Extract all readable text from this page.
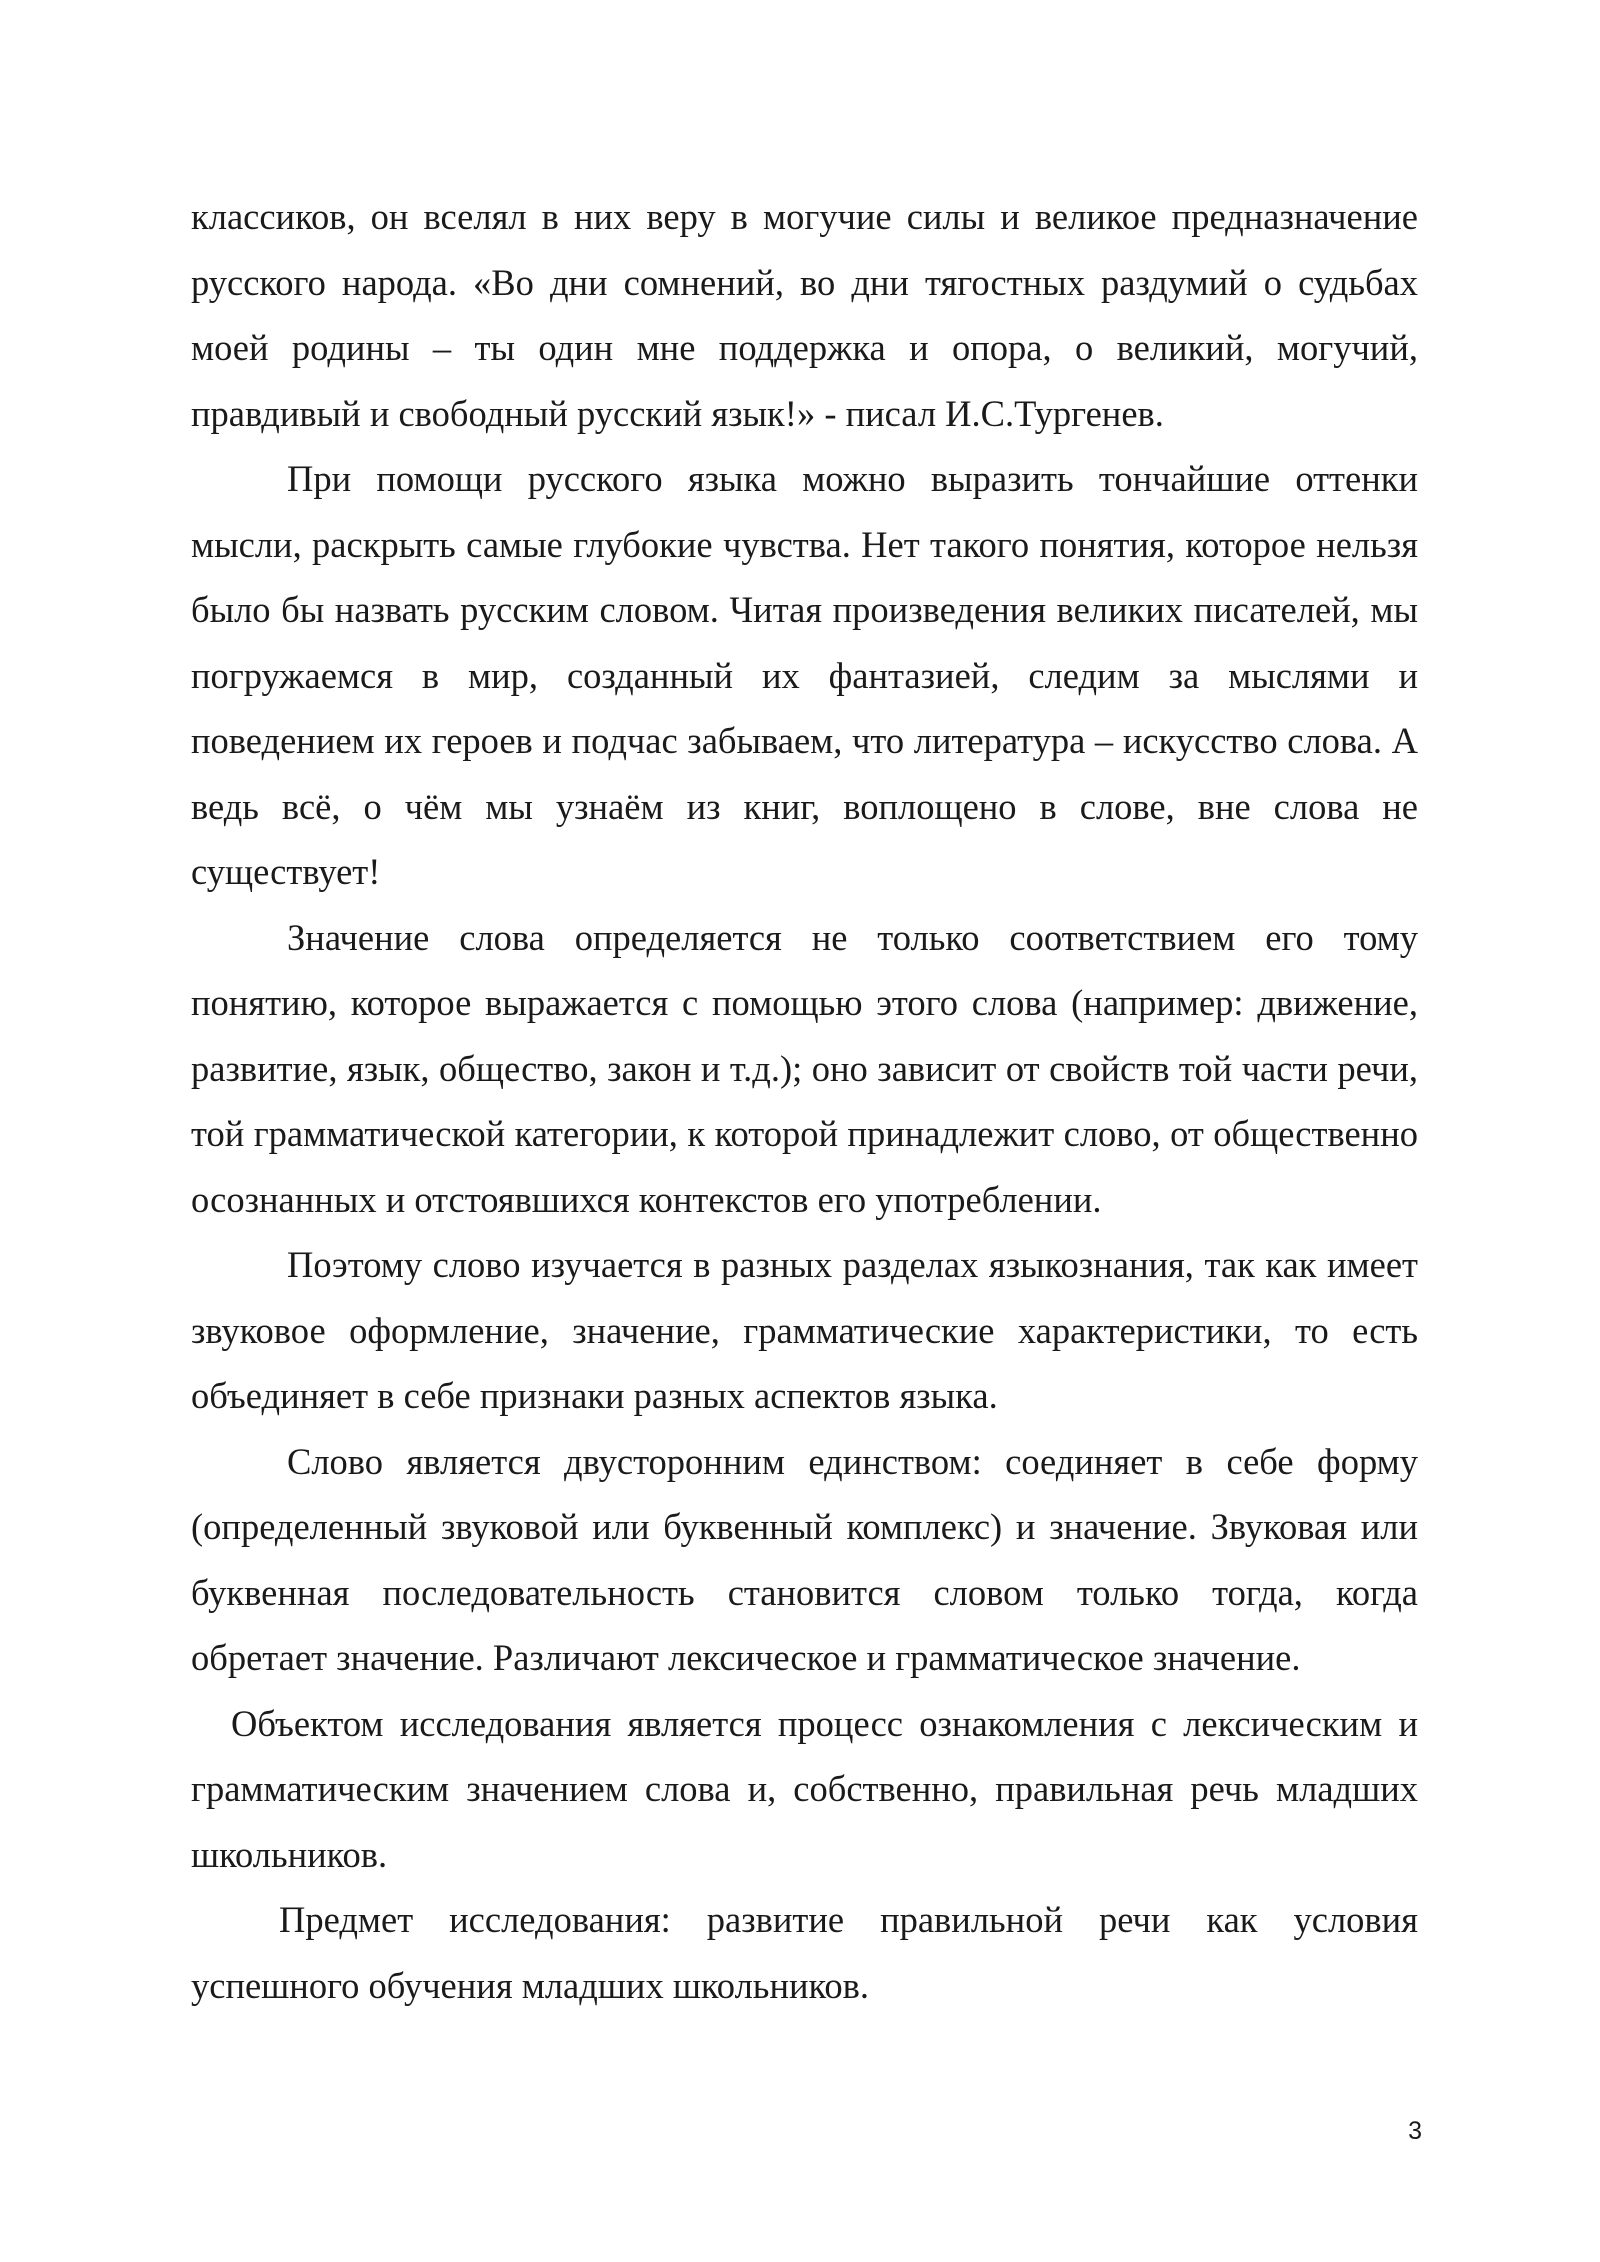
классиков, он вселял в них веру в могучие силы и великое предназначение русского народа. «Во дни сомнений, во дни тягостных раздумий о судьбах моей родины – ты один мне поддержка и опора, о великий, могучий, правдивый и свободный русский язык!» - писал И.С.Тургенев.

При помощи русского языка можно выразить тончайшие оттенки мысли, раскрыть самые глубокие чувства. Нет такого понятия, которое нельзя было бы назвать русским словом. Читая произведения великих писателей, мы погружаемся в мир, созданный их фантазией, следим за мыслями и поведением их героев и подчас забываем, что литература – искусство слова. А ведь всё, о чём мы узнаём из книг, воплощено в слове, вне слова не существует!

Значение слова определяется не только соответствием его тому понятию, которое выражается с помощью этого слова (например: движение, развитие, язык, общество, закон и т.д.); оно зависит от свойств той части речи, той грамматической категории, к которой принадлежит слово, от общественно осознанных и отстоявшихся контекстов его употреблении.

Поэтому слово изучается в разных разделах языкознания, так как имеет звуковое оформление, значение, грамматические характеристики, то есть объединяет в себе признаки разных аспектов языка.

Слово является двусторонним единством: соединяет в себе форму (определенный звуковой или буквенный комплекс) и значение. Звуковая или буквенная последовательность становится словом только тогда, когда обретает значение. Различают лексическое и грамматическое значение.

Объектом исследования является процесс ознакомления с лексическим и грамматическим значением слова и, собственно, правильная речь младших школьников.

Предмет исследования: развитие правильной речи как условия успешного обучения младших школьников.

3
